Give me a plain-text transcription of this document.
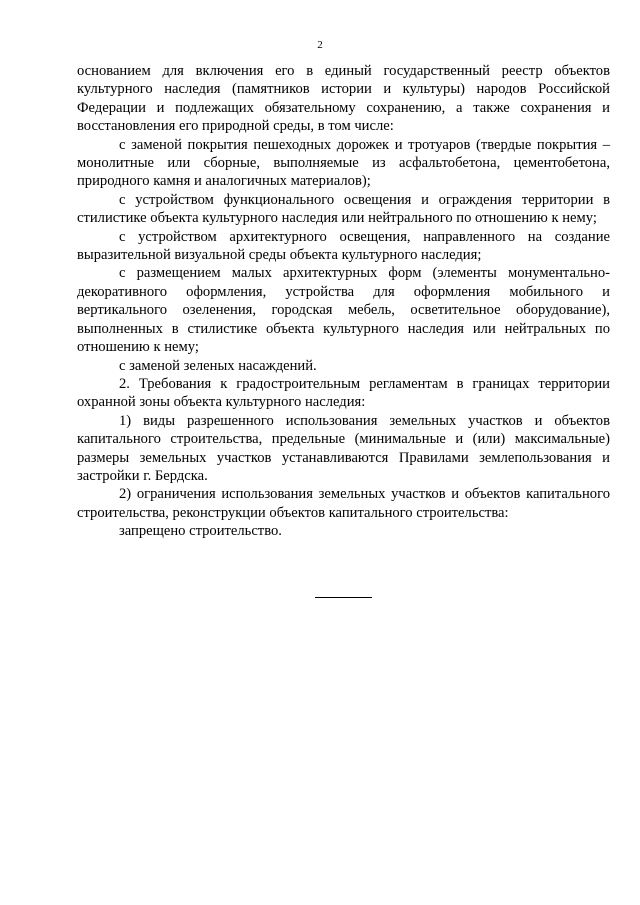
2

основанием для включения его в единый государственный реестр объектов культурного наследия (памятников истории и культуры) народов Российской Федерации и подлежащих обязательному сохранению, а также сохранения и восстановления его природной среды, в том числе:

с заменой покрытия пешеходных дорожек и тротуаров (твердые покрытия – монолитные или сборные, выполняемые из асфальтобетона, цементобетона, природного камня и аналогичных материалов);

с устройством функционального освещения и ограждения территории в стилистике объекта культурного наследия или нейтрального по отношению к нему;

с устройством архитектурного освещения, направленного на создание выразительной визуальной среды объекта культурного наследия;

с размещением малых архитектурных форм (элементы монументально-декоративного оформления, устройства для оформления мобильного и вертикального озеленения, городская мебель, осветительное оборудование), выполненных в стилистике объекта культурного наследия или нейтральных по отношению к нему;

с заменой зеленых насаждений.

2. Требования к градостроительным регламентам в границах территории охранной зоны объекта культурного наследия:

1) виды разрешенного использования земельных участков и объектов капитального строительства, предельные (минимальные и (или) максимальные) размеры земельных участков устанавливаются Правилами землепользования и застройки г. Бердска.

2) ограничения использования земельных участков и объектов капитального строительства, реконструкции объектов капитального строительства:

запрещено строительство.
